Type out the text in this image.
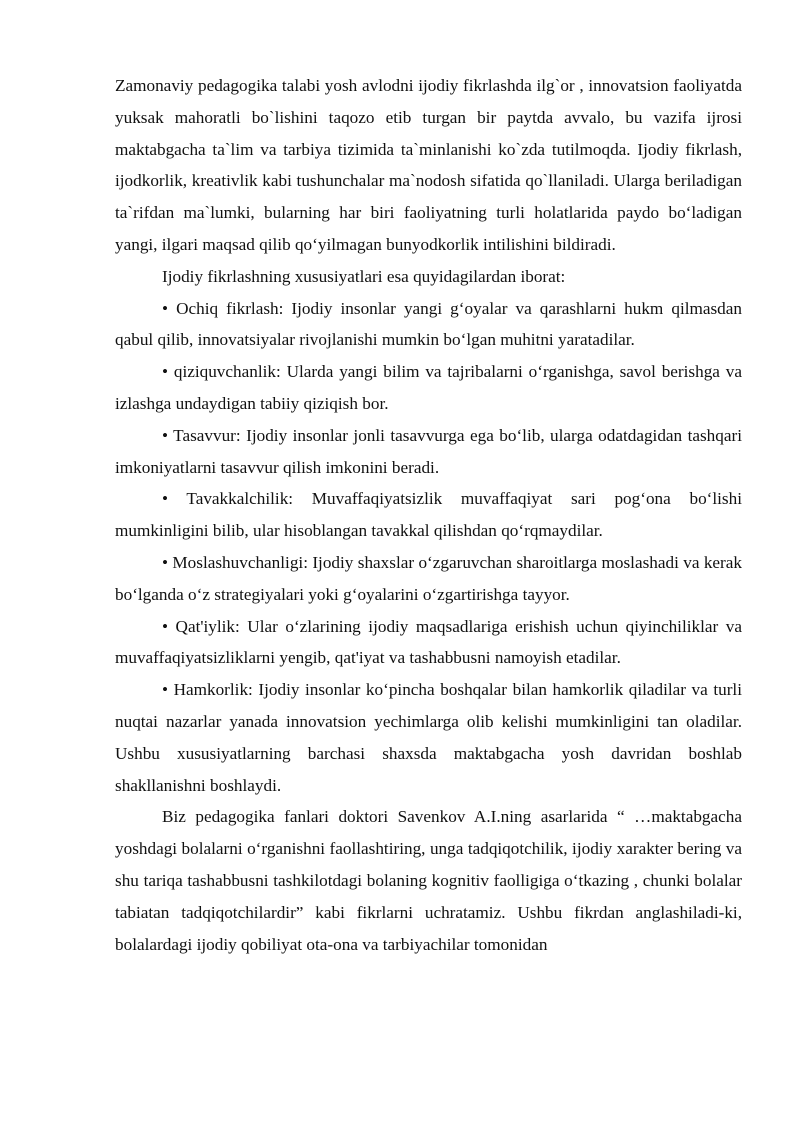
Zamonaviy pedagogika talabi yosh avlodni ijodiy fikrlashda ilg`or , innovatsion faoliyatda yuksak mahoratli bo`lishini taqozo etib turgan bir paytda avvalo, bu vazifa ijrosi maktabgacha ta`lim va tarbiya tizimida ta`minlanishi ko`zda tutilmoqda. Ijodiy fikrlash, ijodkorlik, kreativlik kabi tushunchalar ma`nodosh sifatida qo`llaniladi. Ularga beriladigan ta`rifdan ma`lumki, bularning har biri faoliyatning turli holatlarida paydo bo‘ladigan yangi, ilgari maqsad qilib qo‘yilmagan bunyodkorlik intilishini bildiradi.

Ijodiy fikrlashning xususiyatlari esa quyidagilardan iborat:

• Ochiq fikrlash: Ijodiy insonlar yangi g‘oyalar va qarashlarni hukm qilmasdan qabul qilib, innovatsiyalar rivojlanishi mumkin bo‘lgan muhitni yaratadilar.

• qiziquvchanlik: Ularda yangi bilim va tajribalarni o‘rganishga, savol berishga va izlashga undaydigan tabiiy qiziqish bor.

• Tasavvur: Ijodiy insonlar jonli tasavvurga ega bo‘lib, ularga odatdagidan tashqari imkoniyatlarni tasavvur qilish imkonini beradi.

• Tavakkalchilik: Muvaffaqiyatsizlik muvaffaqiyat sari pog‘ona bo‘lishi mumkinligini bilib, ular hisoblangan tavakkal qilishdan qo‘rqmaydilar.

• Moslashuvchanligi: Ijodiy shaxslar o‘zgaruvchan sharoitlarga moslashadi va kerak bo‘lganda o‘z strategiyalari yoki g‘oyalarini o‘zgartirishga tayyor.

• Qat'iylik: Ular o‘zlarining ijodiy maqsadlariga erishish uchun qiyinchiliklar va muvaffaqiyatsizliklarni yengib, qat'iyat va tashabbusni namoyish etadilar.

• Hamkorlik: Ijodiy insonlar ko‘pincha boshqalar bilan hamkorlik qiladilar va turli nuqtai nazarlar yanada innovatsion yechimlarga olib kelishi mumkinligini tan oladilar. Ushbu xususiyatlarning barchasi shaxsda maktabgacha yosh davridan boshlab shakllanishni boshlaydi.

Biz pedagogika fanlari doktori Savenkov A.I.ning asarlarida “ …maktabgacha yoshdagi bolalarni o‘rganishni faollashtiring, unga tadqiqotchilik, ijodiy xarakter bering va shu tariqa tashabbusni tashkilotdagi bolaning kognitiv faolligiga o‘tkazing , chunki bolalar tabiatan tadqiqotchilardir” kabi fikrlarni uchratamiz. Ushbu fikrdan anglashiladi-ki, bolalardagi ijodiy qobiliyat ota-ona va tarbiyachilar tomonidan
